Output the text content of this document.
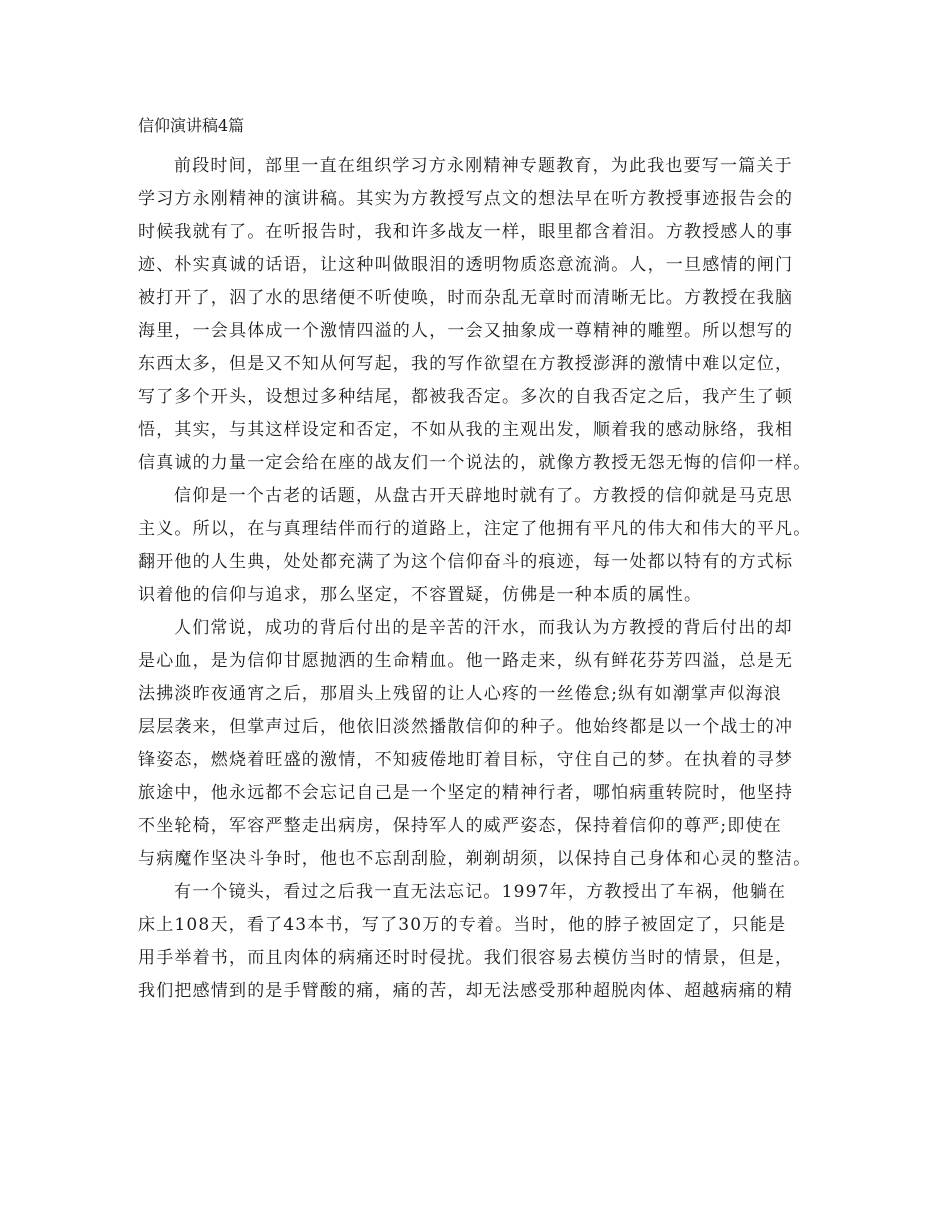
信仰演讲稿4篇
前段时间，部里一直在组织学习方永刚精神专题教育，为此我也要写一篇关于
学习方永刚精神的演讲稿。其实为方教授写点文的想法早在听方教授事迹报告会的
时候我就有了。在听报告时，我和许多战友一样，眼里都含着泪。方教授感人的事
迹、朴实真诚的话语，让这种叫做眼泪的透明物质恣意流淌。人，一旦感情的闸门
被打开了，泅了水的思绪便不听使唤，时而杂乱无章时而清晰无比。方教授在我脑
海里，一会具体成一个激情四溢的人，一会又抽象成一尊精神的雕塑。所以想写的
东西太多，但是又不知从何写起，我的写作欲望在方教授澎湃的激情中难以定位，
写了多个开头，设想过多种结尾，都被我否定。多次的自我否定之后，我产生了顿
悟，其实，与其这样设定和否定，不如从我的主观出发，顺着我的感动脉络，我相
信真诚的力量一定会给在座的战友们一个说法的，就像方教授无怨无悔的信仰一样。
信仰是一个古老的话题，从盘古开天辟地时就有了。方教授的信仰就是马克思
主义。所以，在与真理结伴而行的道路上，注定了他拥有平凡的伟大和伟大的平凡。
翻开他的人生典，处处都充满了为这个信仰奋斗的痕迹，每一处都以特有的方式标
识着他的信仰与追求，那么坚定，不容置疑，仿佛是一种本质的属性。
人们常说，成功的背后付出的是辛苦的汗水，而我认为方教授的背后付出的却
是心血，是为信仰甘愿抛洒的生命精血。他一路走来，纵有鲜花芬芳四溢，总是无
法拂淡昨夜通宵之后，那眉头上残留的让人心疼的一丝倦怠;纵有如潮掌声似海浪
层层袭来，但掌声过后，他依旧淡然播散信仰的种子。他始终都是以一个战士的冲
锋姿态，燃烧着旺盛的激情，不知疲倦地盯着目标，守住自己的梦。在执着的寻梦
旅途中，他永远都不会忘记自己是一个坚定的精神行者，哪怕病重转院时，他坚持
不坐轮椅，军容严整走出病房，保持军人的威严姿态，保持着信仰的尊严;即使在
与病魔作坚决斗争时，他也不忘刮刮脸，剃剃胡须，以保持自己身体和心灵的整洁。
有一个镜头，看过之后我一直无法忘记。1997年，方教授出了车祸，他躺在
床上108天，看了43本书，写了30万的专着。当时，他的脖子被固定了，只能是
用手举着书，而且肉体的病痛还时时侵扰。我们很容易去模仿当时的情景，但是，
我们把感情到的是手臂酸的痛，痛的苦，却无法感受那种超脱肉体、超越病痛的精
